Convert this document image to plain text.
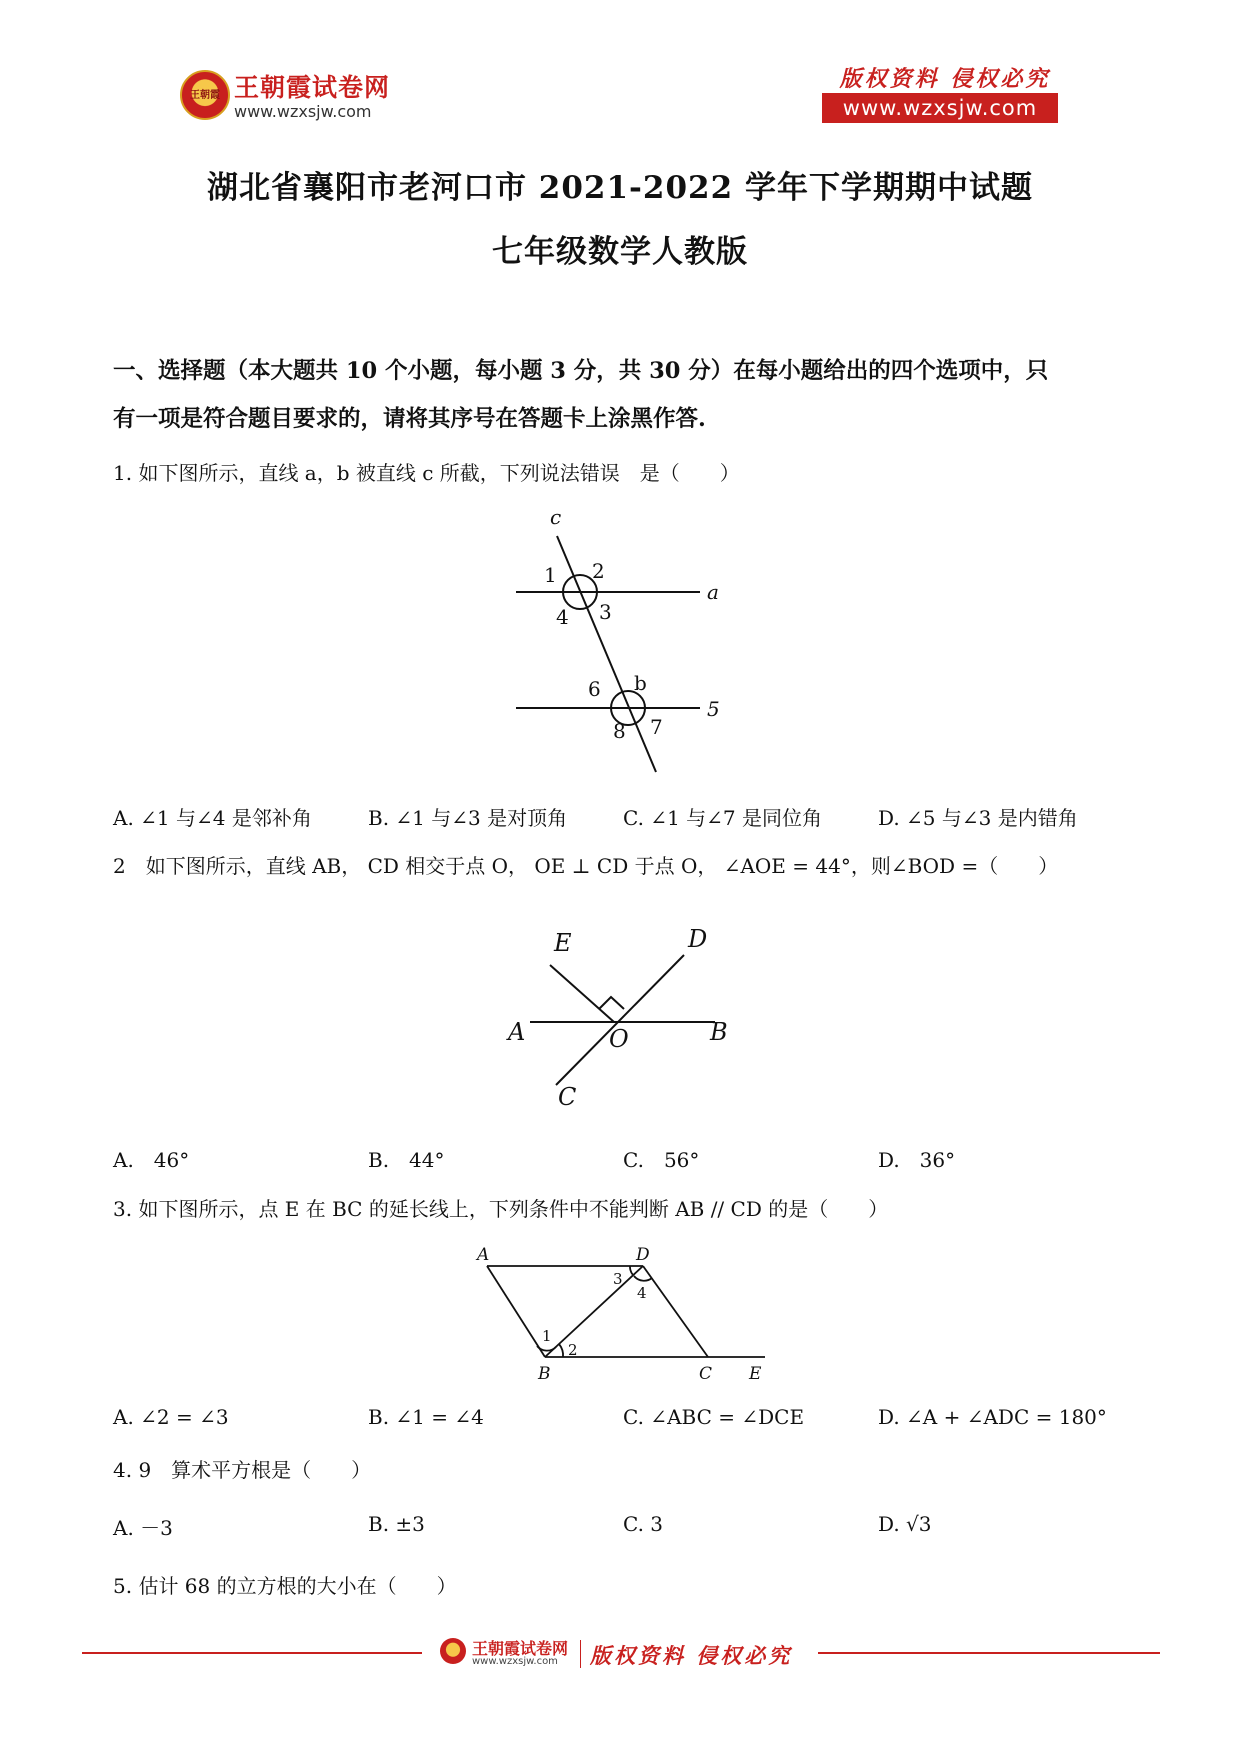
王朝霞 王朝霞试卷网
www.wzxsjw.com
版权资料 侵权必究
www.wzxsjw.com
湖北省襄阳市老河口市 2021-2022 学年下学期期中试题
七年级数学人教版
一、选择题（本大题共 10 个小题，每小题 3 分，共 30 分）在每小题给出的四个选项中，只
有一项是符合题目要求的，请将其序号在答题卡上涂黑作答.
1. 如下图所示，直线 a，b 被直线 c 所截，下列说法错误　是（　　）
c
a
5
1 2
4 3
6 b
8 7
A. ∠1 与∠4 是邻补角	B. ∠1 与∠3 是对顶角	C. ∠1 与∠7 是同位角	D. ∠5 与∠3 是内错角
2　如下图所示，直线 AB， CD 相交于点 O， OE ⊥ CD 于点 O， ∠AOE = 44°，则∠BOD =（　　）
E	D
A	O	B
C
A.　46°	B.　44°	C.　56°	D.　36°
3. 如下图所示，点 E 在 BC 的延长线上，下列条件中不能判断 AB // CD 的是（　　）
A	D
B	C E
3
4
1
2
A. ∠2 = ∠3	B. ∠1 = ∠4	C. ∠ABC = ∠DCE	D. ∠A + ∠ADC = 180°
4. 9　算术平方根是（　　）
A. －3	B. ±3	C. 3	D. √3
5. 估计 68 的立方根的大小在（　　）
王朝霞试卷网
www.wzxsjw.com 版权资料 侵权必究
